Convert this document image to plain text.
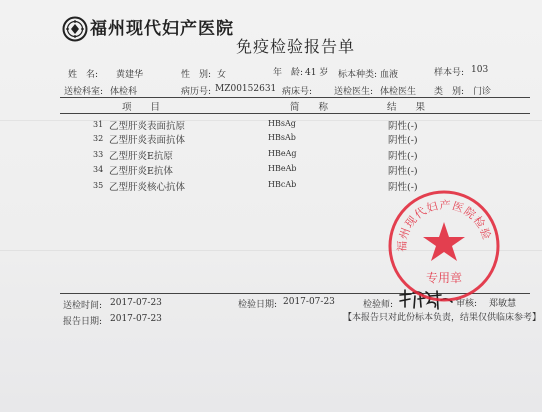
福州现代妇产医院
免疫检验报告单
姓　名: 黄建华	性　别: 女	年　龄: 41 岁 标本种类: 血液	样本号: 103
送检科室: 体检科	病历号: MZ00152631 病床号: 送检医生: 体检医生 类　别: 门诊
项　　目	简　　称	结　　果
31 乙型肝炎表面抗原	HBsAg	阴性(-)
32 乙型肝炎表面抗体	HBsAb	阴性(-)
33 乙型肝炎E抗原	HBeAg	阴性(-)
34 乙型肝炎E抗体	HBeAb	阴性(-)
35 乙型肝炎核心抗体	HBcAb	阴性(-)
送检时间: 2017-07-23	检验日期: 2017-07-23	检验师:	审核: 郑敏慧
报告日期: 2017-07-23	【本报告只对此份标本负责，结果仅供临床参考】
福州现代妇产医院检验
专用章
